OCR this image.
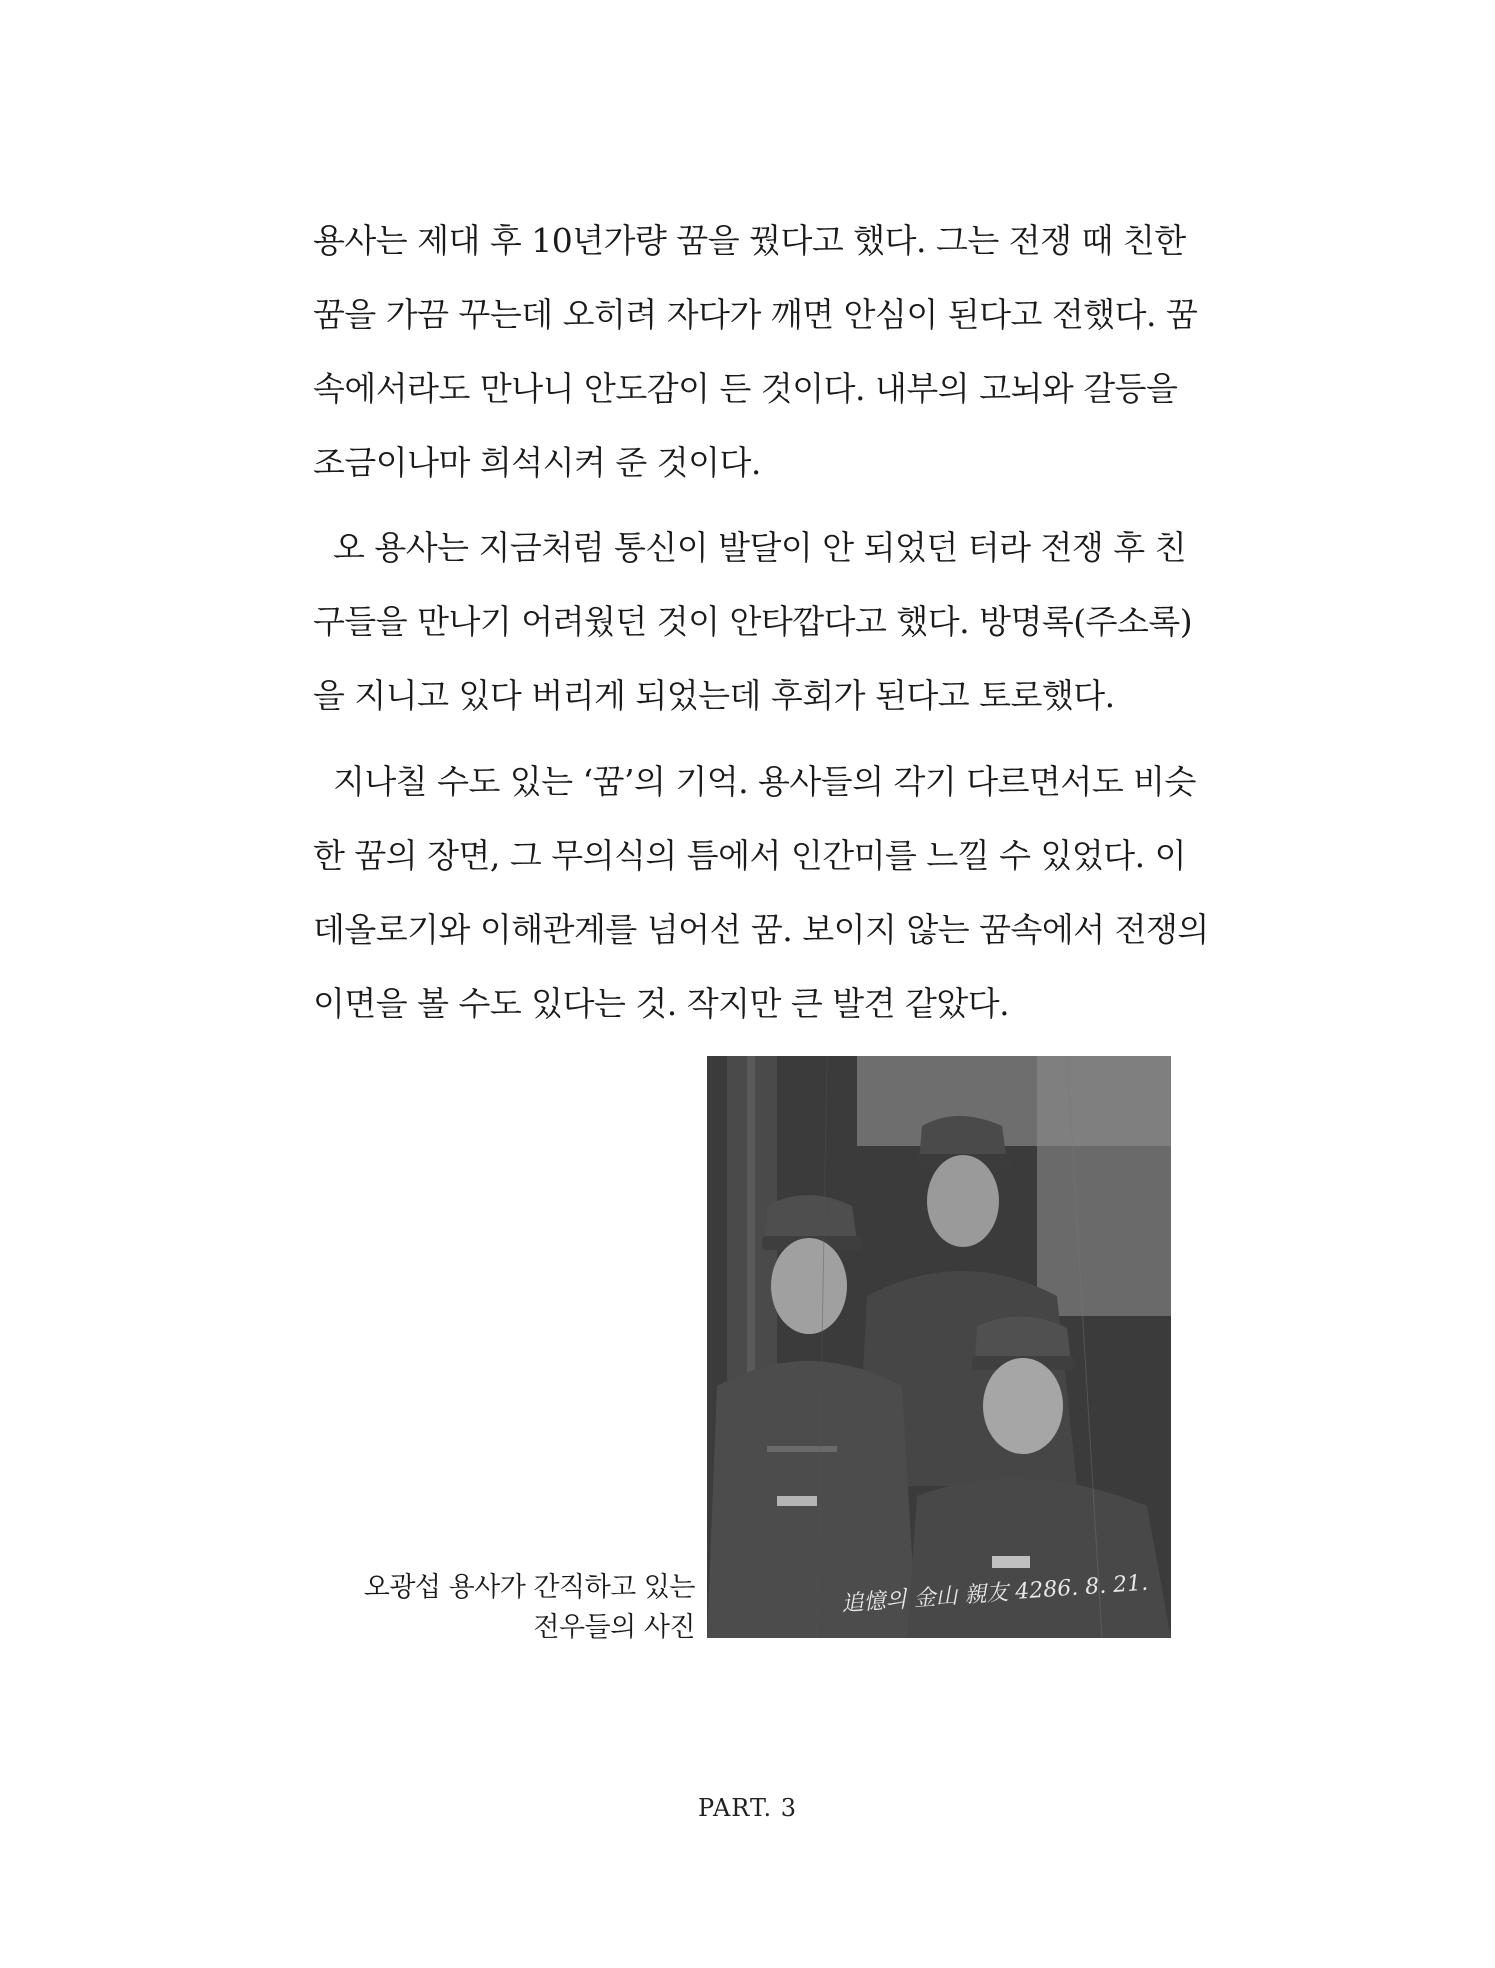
용사는 제대 후 10년가량 꿈을 꿨다고 했다. 그는 전쟁 때 친한

꿈을 가끔 꾸는데 오히려 자다가 깨면 안심이 된다고 전했다. 꿈

속에서라도 만나니 안도감이 든 것이다. 내부의 고뇌와 갈등을

조금이나마 희석시켜 준 것이다.

오 용사는 지금처럼 통신이 발달이 안 되었던 터라 전쟁 후 친

구들을 만나기 어려웠던 것이 안타깝다고 했다. 방명록(주소록)

을 지니고 있다 버리게 되었는데 후회가 된다고 토로했다.

지나칠 수도 있는 ‘꿈’의 기억. 용사들의 각기 다르면서도 비슷

한 꿈의 장면, 그 무의식의 틈에서 인간미를 느낄 수 있었다. 이

데올로기와 이해관계를 넘어선 꿈. 보이지 않는 꿈속에서 전쟁의

이면을 볼 수도 있다는 것. 작지만 큰 발견 같았다.

追憶의 金山 親友 4286. 8. 21.
오광섭 용사가 간직하고 있는
전우들의 사진
PART. 3
